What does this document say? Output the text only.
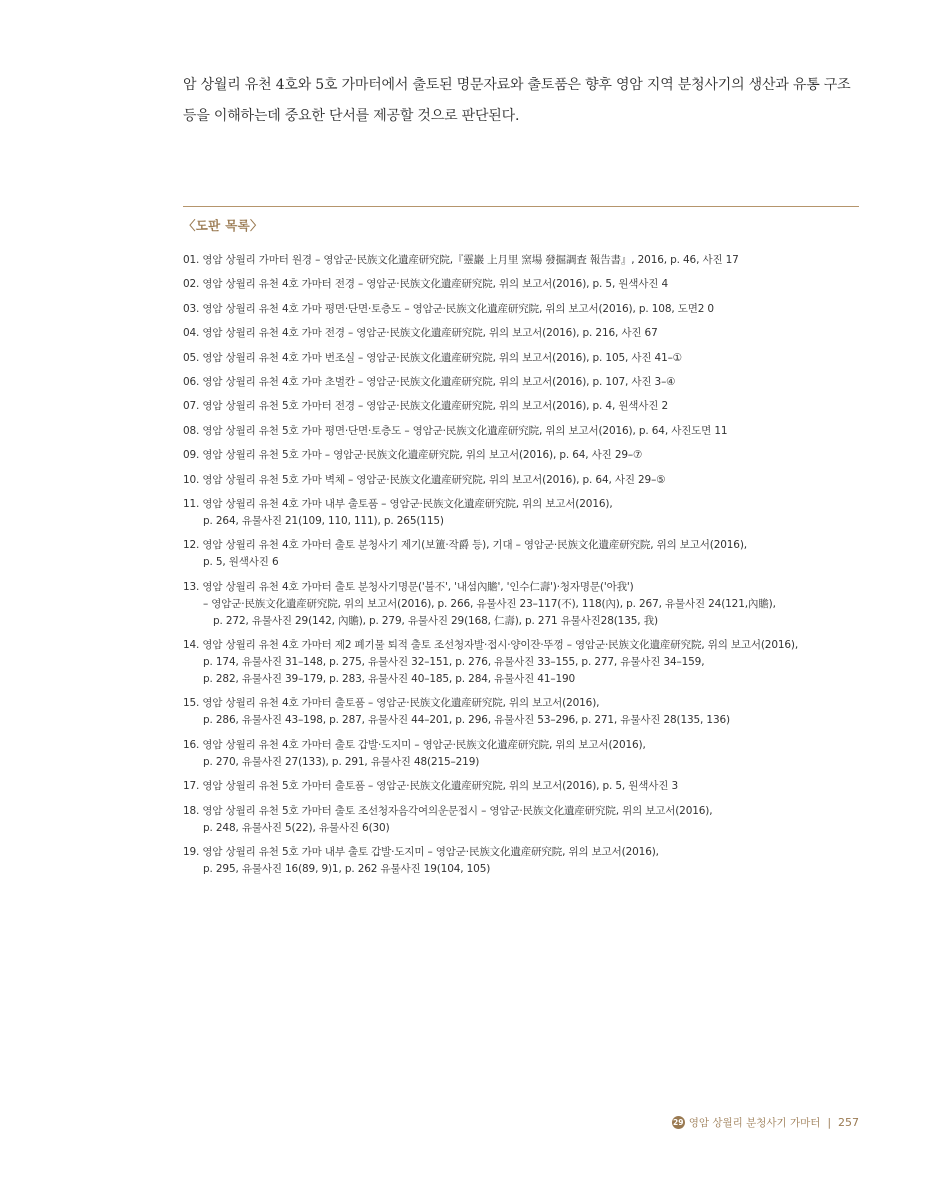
암 상월리 유천 4호와 5호 가마터에서 출토된 명문자료와 출토품은 향후 영암 지역 분청사기의 생산과 유통 구조

등을 이해하는데 중요한 단서를 제공할 것으로 판단된다.

〈도판 목록〉
01. 영암 상월리 가마터 원경 – 영암군·民族文化遺産研究院,『靈巖 上月里 窯場 發掘調査 報告書』, 2016, p. 46, 사진 17
02. 영암 상월리 유천 4호 가마터 전경 – 영암군·民族文化遺産研究院, 위의 보고서(2016), p. 5, 원색사진 4
03. 영암 상월리 유천 4호 가마 평면·단면·토층도 – 영암군·民族文化遺産研究院, 위의 보고서(2016), p. 108, 도면2 0
04. 영암 상월리 유천 4호 가마 전경 – 영암군·民族文化遺産研究院, 위의 보고서(2016), p. 216, 사진 67
05. 영암 상월리 유천 4호 가마 번조실 – 영암군·民族文化遺産研究院, 위의 보고서(2016), p. 105, 사진 41–①
06. 영암 상월리 유천 4호 가마 초벌칸 – 영암군·民族文化遺産研究院, 위의 보고서(2016), p. 107, 사진 3–④
07. 영암 상월리 유천 5호 가마터 전경 – 영암군·民族文化遺産研究院, 위의 보고서(2016), p. 4, 원색사진 2
08. 영암 상월리 유천 5호 가마 평면·단면·토층도 – 영암군·民族文化遺産研究院, 위의 보고서(2016), p. 64, 사진도면 11
09. 영암 상월리 유천 5호 가마 – 영암군·民族文化遺産研究院, 위의 보고서(2016), p. 64, 사진 29–⑦
10. 영암 상월리 유천 5호 가마 벽체 – 영암군·民族文化遺産研究院, 위의 보고서(2016), p. 64, 사진 29–⑤
11. 영암 상월리 유천 4호 가마 내부 출토품 – 영암군·民族文化遺産研究院, 위의 보고서(2016),
p. 264, 유물사진 21(109, 110, 111), p. 265(115)
12. 영암 상월리 유천 4호 가마터 출토 분청사기 제기(보簠·작爵 등), 기대 – 영암군·民族文化遺産研究院, 위의 보고서(2016),
p. 5, 원색사진 6
13. 영암 상월리 유천 4호 가마터 출토 분청사기명문('불不', '내섬內贍', '인수仁壽')·청자명문('아我')
– 영암군·民族文化遺産研究院, 위의 보고서(2016), p. 266, 유물사진 23–117(不), 118(內), p. 267, 유물사진 24(121,內贍),
p. 272, 유물사진 29(142, 內贍), p. 279, 유물사진 29(168, 仁壽), p. 271 유물사진28(135, 我)
14. 영암 상월리 유천 4호 가마터 제2 폐기물 퇴적 출토 조선청자발·접시·양이잔·뚜껑 – 영암군·民族文化遺産研究院, 위의 보고서(2016),
p. 174, 유물사진 31–148, p. 275, 유물사진 32–151, p. 276, 유물사진 33–155, p. 277, 유물사진 34–159,
p. 282, 유물사진 39–179, p. 283, 유물사진 40–185, p. 284, 유물사진 41–190
15. 영암 상월리 유천 4호 가마터 출토품 – 영암군·民族文化遺産研究院, 위의 보고서(2016),
p. 286, 유물사진 43–198, p. 287, 유물사진 44–201, p. 296, 유물사진 53–296, p. 271, 유물사진 28(135, 136)
16. 영암 상월리 유천 4호 가마터 출토 갑발·도지미 – 영암군·民族文化遺産研究院, 위의 보고서(2016),
p. 270, 유물사진 27(133), p. 291, 유물사진 48(215–219)
17. 영암 상월리 유천 5호 가마터 출토품 – 영암군·民族文化遺産研究院, 위의 보고서(2016), p. 5, 원색사진 3
18. 영암 상월리 유천 5호 가마터 출토 조선청자음각여의운문접시 – 영암군·民族文化遺産研究院, 위의 보고서(2016),
p. 248, 유물사진 5(22), 유물사진 6(30)
19. 영암 상월리 유천 5호 가마 내부 출토 갑발·도지미 – 영암군·民族文化遺産研究院, 위의 보고서(2016),
p. 295, 유물사진 16(89, 9)1, p. 262 유물사진 19(104, 105)
29 영암 상월리 분청사기 가마터 | 257
